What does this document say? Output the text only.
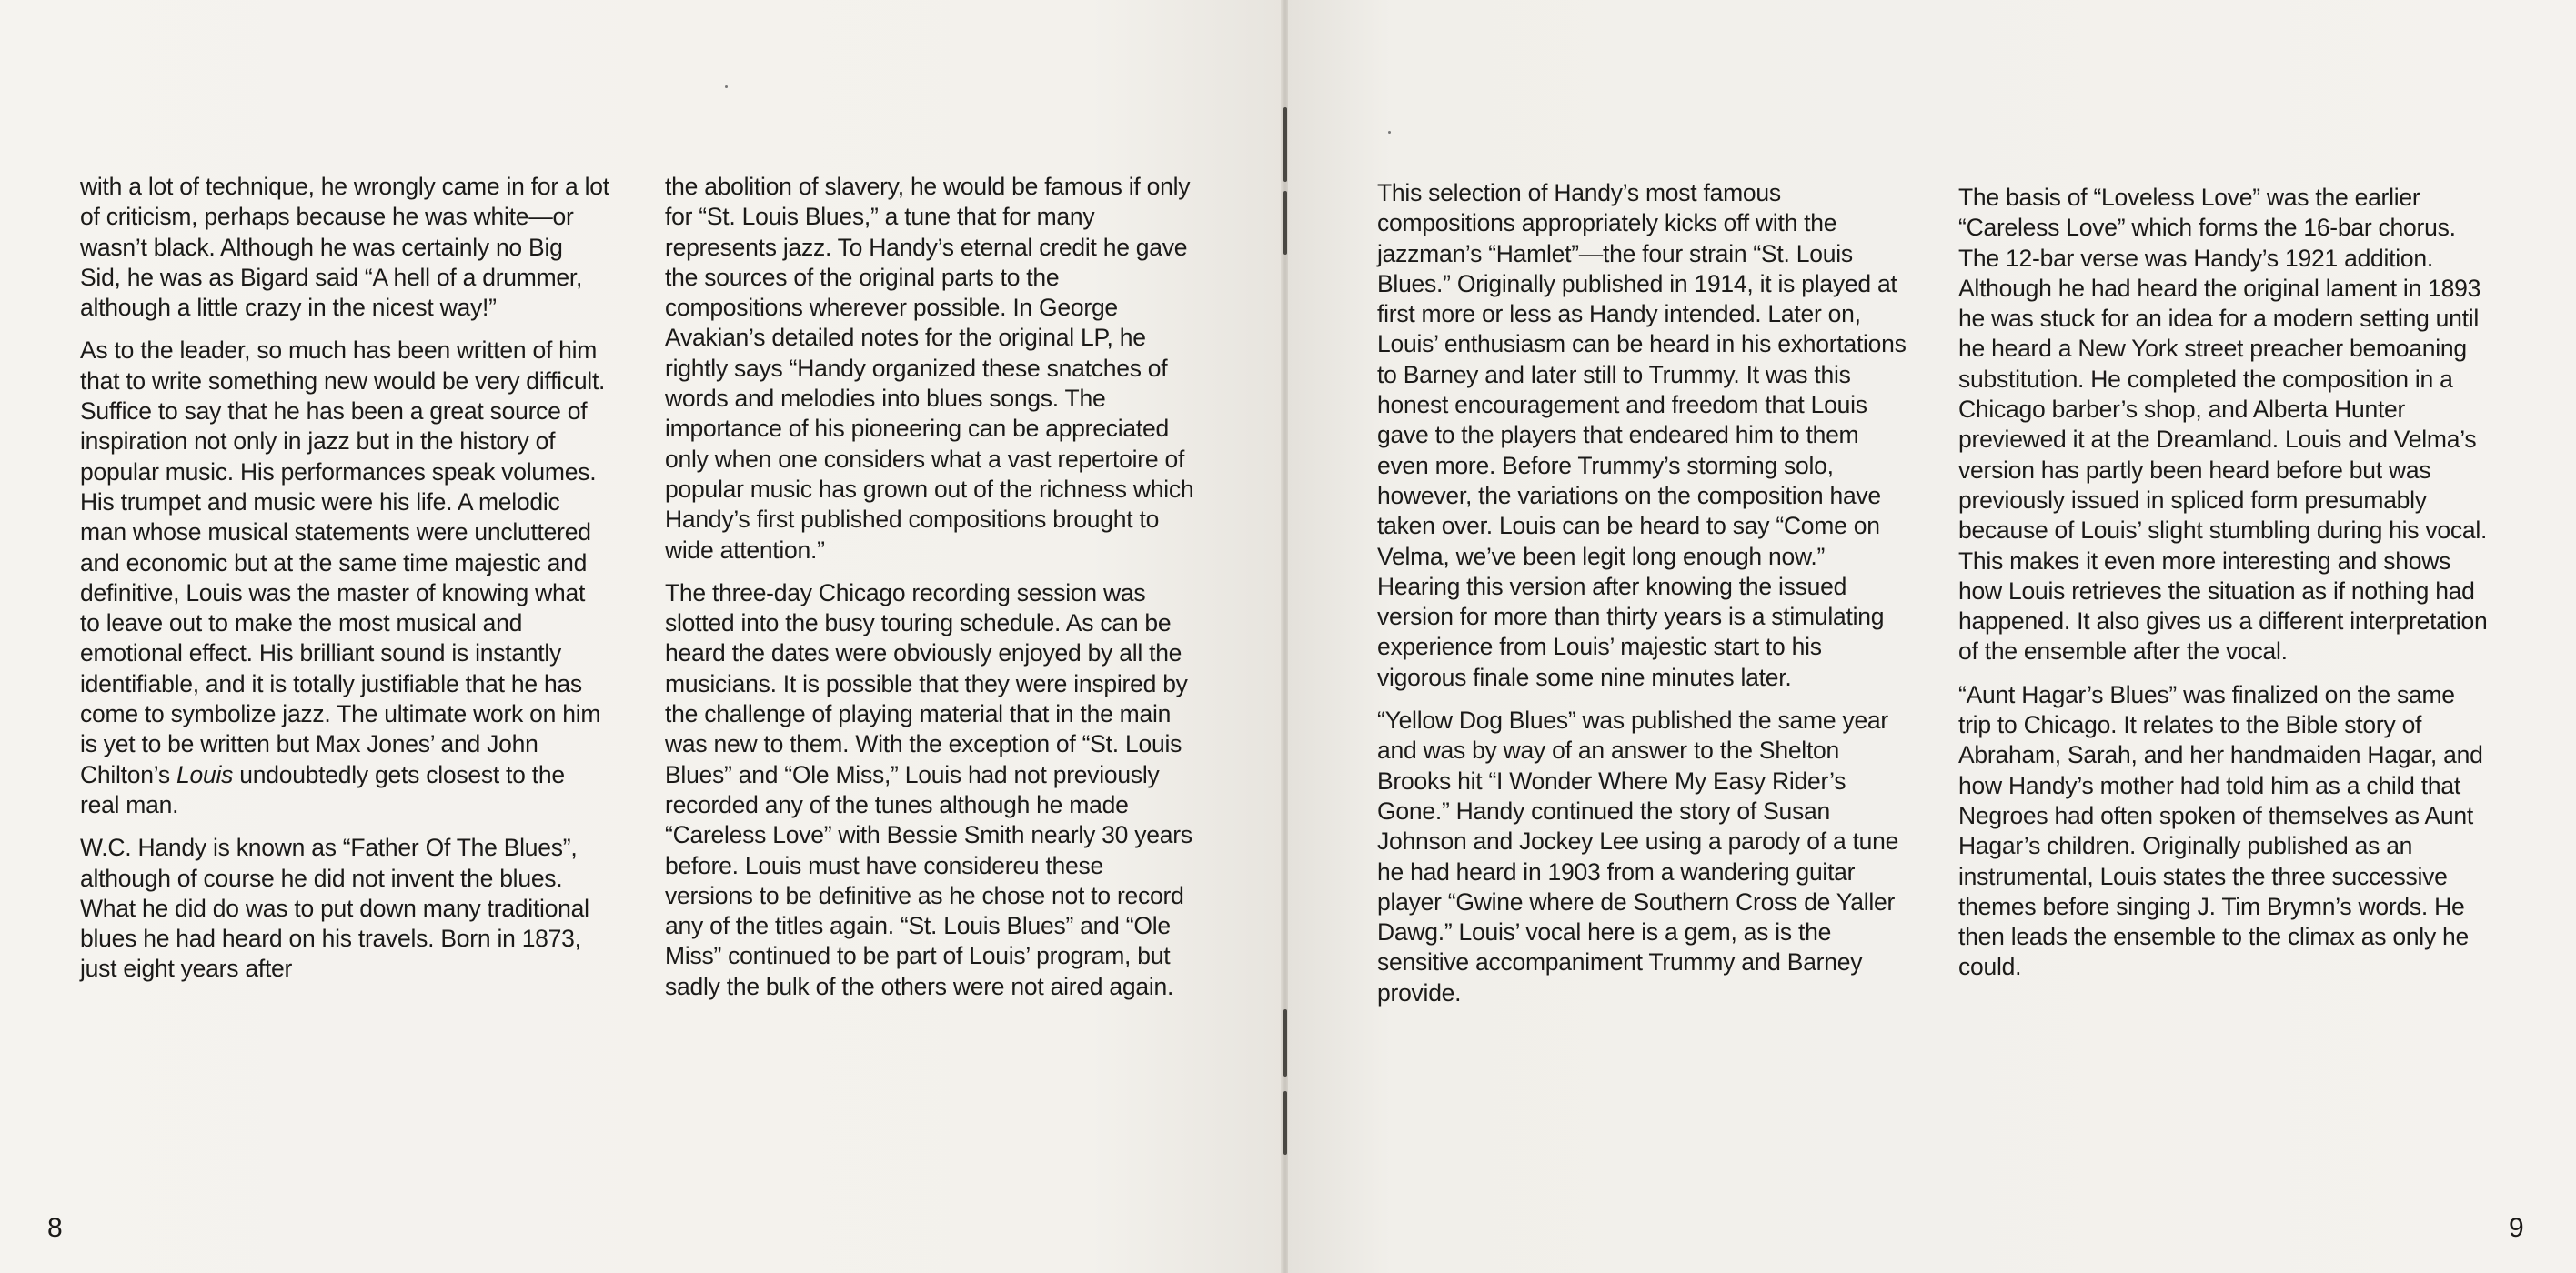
with a lot of technique, he wrongly came in for a lot of criticism, perhaps because he was white—or wasn’t black. Although he was certainly no Big Sid, he was as Bigard said “A hell of a drummer, although a little crazy in the nicest way!”

As to the leader, so much has been written of him that to write something new would be very difficult. Suffice to say that he has been a great source of inspiration not only in jazz but in the history of popular music. His performances speak volumes. His trumpet and music were his life. A melodic man whose musical statements were uncluttered and economic but at the same time majestic and definitive, Louis was the master of knowing what to leave out to make the most musical and emotional effect. His brilliant sound is instantly identifiable, and it is totally justifiable that he has come to symbolize jazz. The ultimate work on him is yet to be written but Max Jones’ and John Chilton’s Louis undoubtedly gets closest to the real man.

W.C. Handy is known as “Father Of The Blues”, although of course he did not invent the blues. What he did do was to put down many traditional blues he had heard on his travels. Born in 1873, just eight years after

the abolition of slavery, he would be famous if only for “St. Louis Blues,” a tune that for many represents jazz. To Handy’s eternal credit he gave the sources of the original parts to the compositions wherever possible. In George Avakian’s detailed notes for the original LP, he rightly says “Handy organized these snatches of words and melodies into blues songs. The importance of his pioneering can be appreciated only when one considers what a vast repertoire of popular music has grown out of the richness which Handy’s first published compositions brought to wide attention.”

The three-day Chicago recording session was slotted into the busy touring schedule. As can be heard the dates were obviously enjoyed by all the musicians. It is possible that they were inspired by the challenge of playing material that in the main was new to them. With the exception of “St. Louis Blues” and “Ole Miss,” Louis had not previously recorded any of the tunes although he made “Careless Love” with Bessie Smith nearly 30 years before. Louis must have considereu these versions to be definitive as he chose not to record any of the titles again. “St. Louis Blues” and “Ole Miss” continued to be part of Louis’ program, but sadly the bulk of the others were not aired again.

8

This selection of Handy’s most famous compositions appropriately kicks off with the jazzman’s “Hamlet”—the four strain “St. Louis Blues.” Originally published in 1914, it is played at first more or less as Handy intended. Later on, Louis’ enthusiasm can be heard in his exhortations to Barney and later still to Trummy. It was this honest encouragement and freedom that Louis gave to the players that endeared him to them even more. Before Trummy’s storming solo, however, the variations on the composition have taken over. Louis can be heard to say “Come on Velma, we’ve been legit long enough now.” Hearing this version after knowing the issued version for more than thirty years is a stimulating experience from Louis’ majestic start to his vigorous finale some nine minutes later.

“Yellow Dog Blues” was published the same year and was by way of an answer to the Shelton Brooks hit “I Wonder Where My Easy Rider’s Gone.” Handy continued the story of Susan Johnson and Jockey Lee using a parody of a tune he had heard in 1903 from a wandering guitar player “Gwine where de Southern Cross de Yaller Dawg.” Louis’ vocal here is a gem, as is the sensitive accompaniment Trummy and Barney provide.

The basis of “Loveless Love” was the earlier “Careless Love” which forms the 16-bar chorus. The 12-bar verse was Handy’s 1921 addition. Although he had heard the original lament in 1893 he was stuck for an idea for a modern setting until he heard a New York street preacher bemoaning substitution. He completed the composition in a Chicago barber’s shop, and Alberta Hunter previewed it at the Dreamland. Louis and Velma’s version has partly been heard before but was previously issued in spliced form presumably because of Louis’ slight stumbling during his vocal. This makes it even more interesting and shows how Louis retrieves the situation as if nothing had happened. It also gives us a different interpretation of the ensemble after the vocal.

“Aunt Hagar’s Blues” was finalized on the same trip to Chicago. It relates to the Bible story of Abraham, Sarah, and her handmaiden Hagar, and how Handy’s mother had told him as a child that Negroes had often spoken of themselves as Aunt Hagar’s children. Originally published as an instrumental, Louis states the three successive themes before singing J. Tim Brymn’s words. He then leads the ensemble to the climax as only he could.

9
